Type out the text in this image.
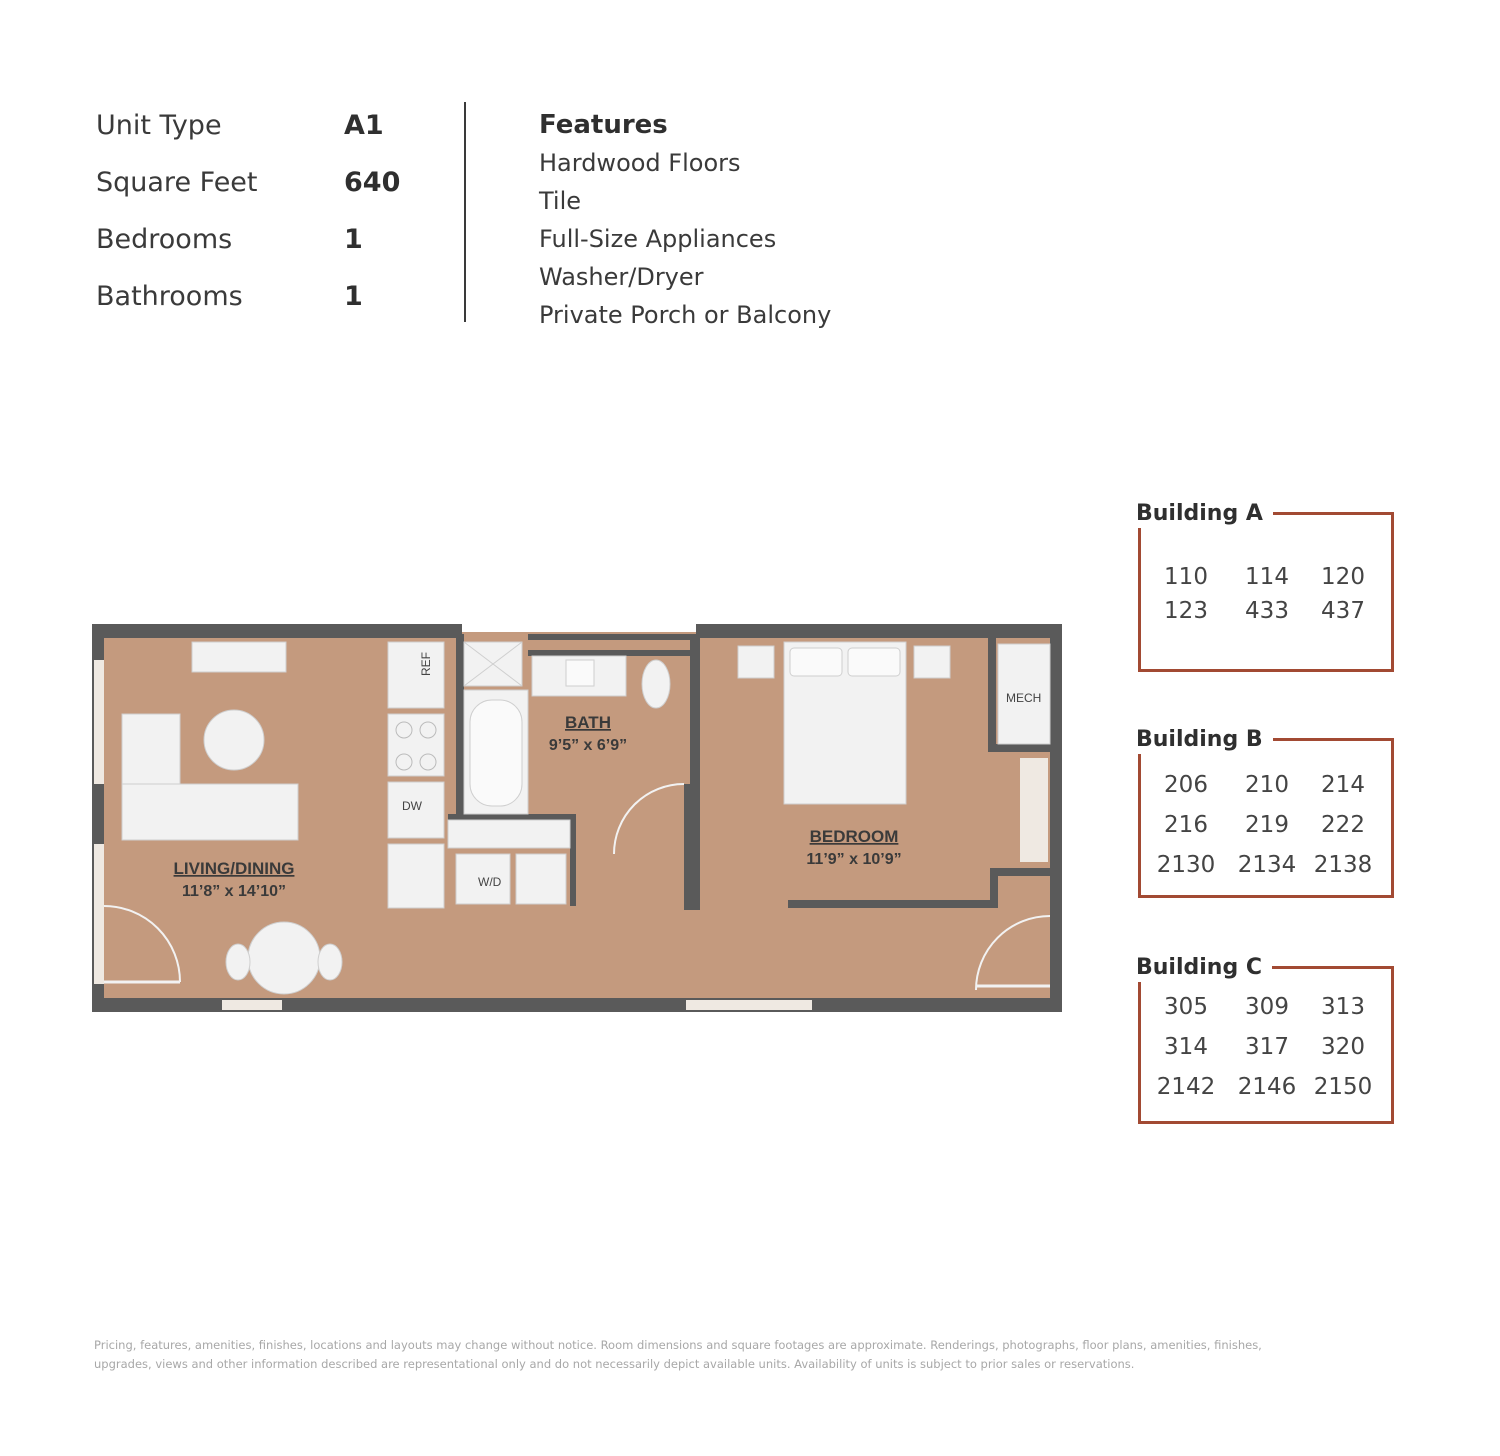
Unit Type	A1
Square Feet	640
Bedrooms	1
Bathrooms	1
Features
Hardwood Floors
Tile
Full-Size Appliances
Washer/Dryer
Private Porch or Balcony
REF
DW
W/D
MECH
LIVING/DINING
11’8” x 14’10”
BATH
9’5” x 6’9”
BEDROOM
11’9” x 10’9”
Building A
110	114	120
123	433	437
Building B
206	210	214
216	219	222
2130 2134 2138
Building C
305	309	313
314	317	320
2142 2146 2150
Pricing, features, amenities, finishes, locations and layouts may change without notice. Room dimensions and square footages are approximate. Renderings, photographs, floor plans, amenities, finishes,
upgrades, views and other information described are representational only and do not necessarily depict available units. Availability of units is subject to prior sales or reservations.
